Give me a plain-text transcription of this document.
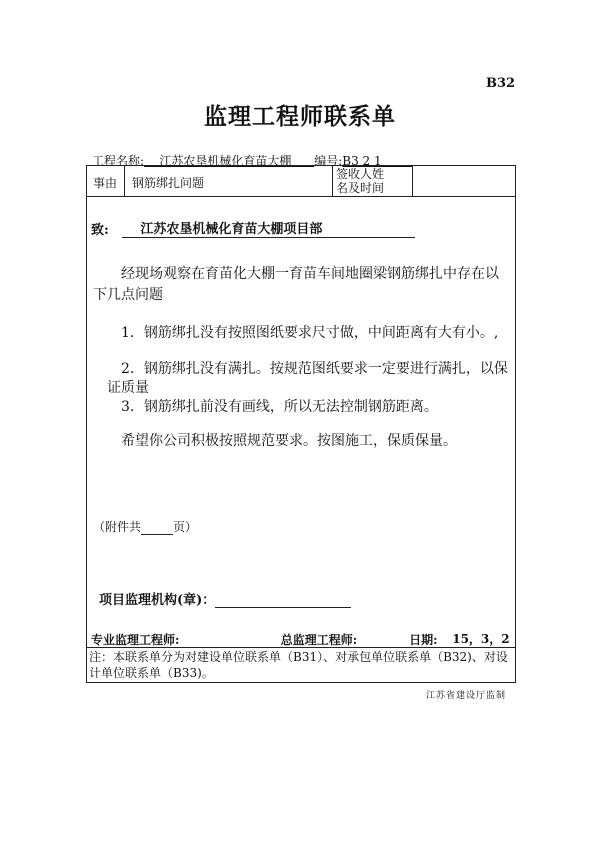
B32
监理工程师联系单
工程名称: 江苏农垦机械化育苗大棚 编号:B3 2 1
事由 钢筋绑扎问题
签收人姓
名及时间
致: 江苏农垦机械化育苗大棚项目部
经现场观察在育苗化大棚一育苗车间地圈梁钢筋绑扎中存在以
下几点问题
1．钢筋绑扎没有按照图纸要求尺寸做，中间距离有大有小。,
2．钢筋绑扎没有满扎。按规范图纸要求一定要进行满扎，以保
证质量
3．钢筋绑扎前没有画线，所以无法控制钢筋距离。
希望你公司积极按照规范要求。按图施工，保质保量。
（附件共	页）
项目监理机构(章)：
专业监理工程师:	总监理工程师:	日期: 15，3，2
注：本联系单分为对建设单位联系单（B31）、对承包单位联系单（B32)、对设
计单位联系单（B33)。
江苏省建设厅监制
